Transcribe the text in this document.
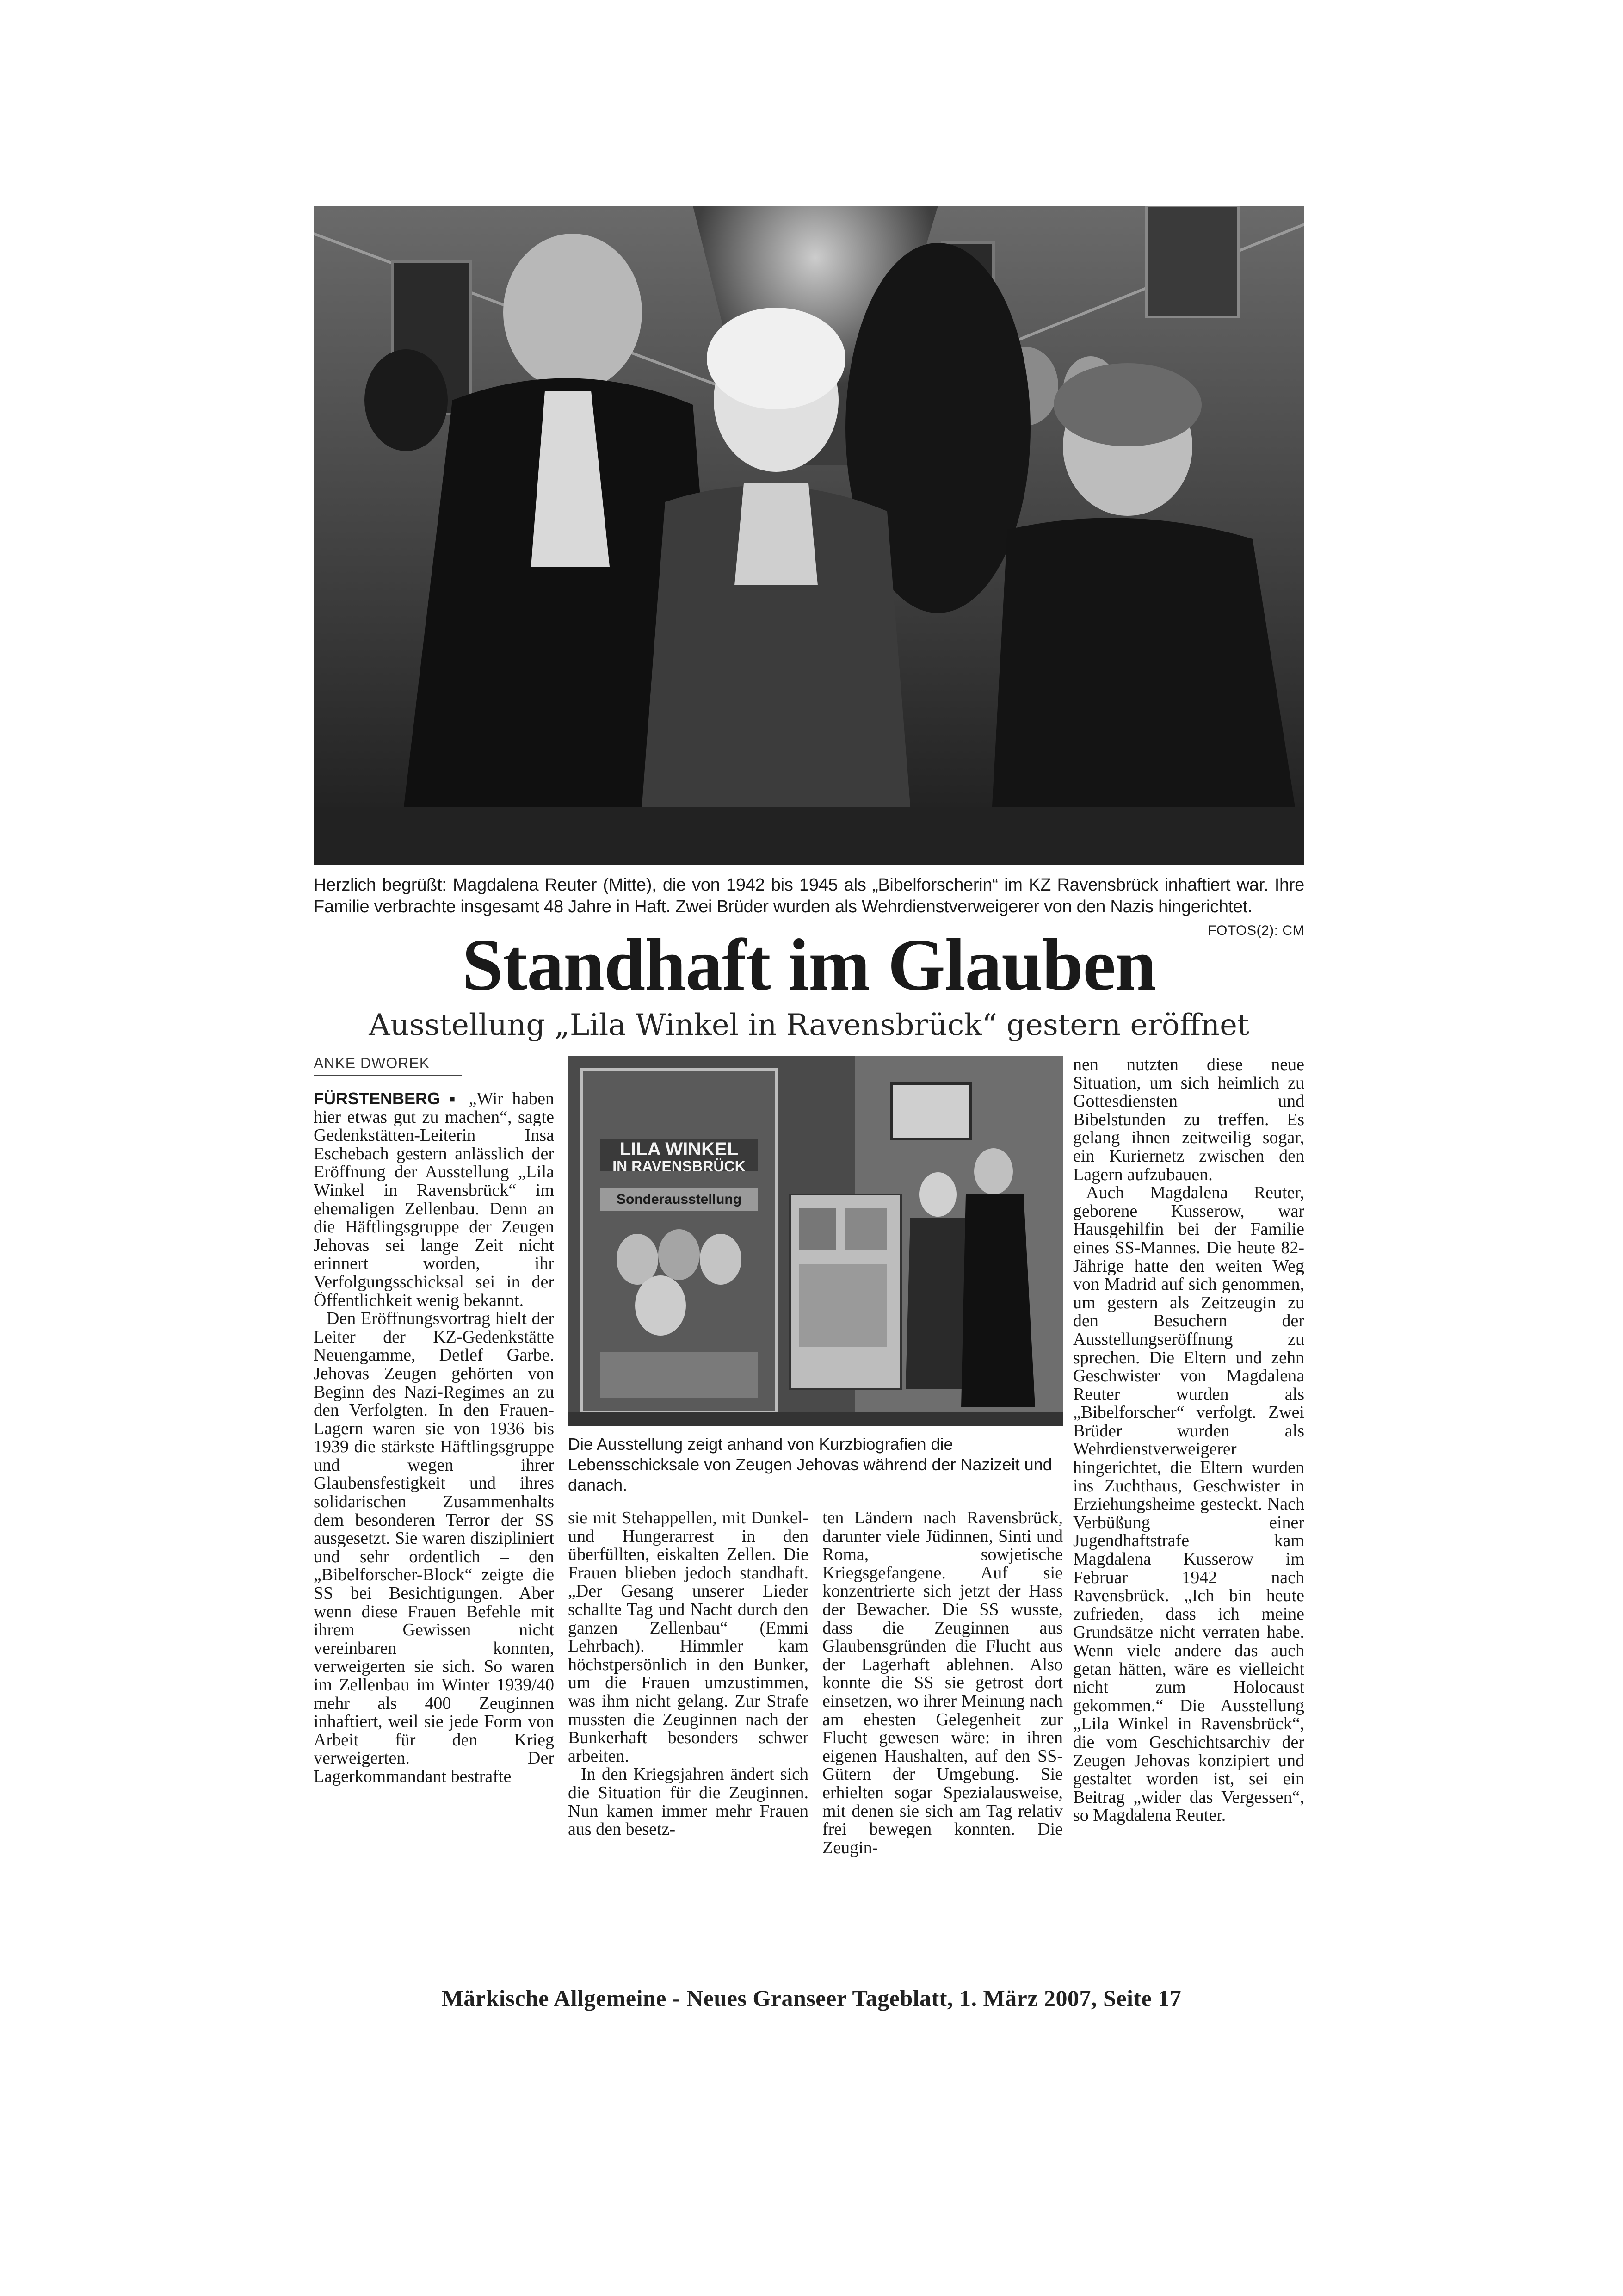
Herzlich begrüßt: Magdalena Reuter (Mitte), die von 1942 bis 1945 als „Bibelforscherin“ im KZ Ravensbrück inhaftiert war. Ihre Familie verbrachte insgesamt 48 Jahre in Haft. Zwei Brüder wurden als Wehrdienstverweigerer von den Nazis hingerichtet.
FOTOS(2): CM
Standhaft im Glauben
Ausstellung „Lila Winkel in Ravensbrück“ gestern eröffnet
ANKE DWOREK

FÜRSTENBERG ▪ „Wir haben hier etwas gut zu machen“, sagte Gedenkstätten-Leiterin Insa Eschebach gestern anlässlich der Eröffnung der Ausstellung „Lila Winkel in Ravensbrück“ im ehemaligen Zellenbau. Denn an die Häftlingsgruppe der Zeugen Jehovas sei lange Zeit nicht erinnert worden, ihr Verfolgungsschicksal sei in der Öffentlichkeit wenig bekannt.

Den Eröffnungsvortrag hielt der Leiter der KZ-Gedenkstätte Neuengamme, Detlef Garbe. Jehovas Zeugen gehörten von Beginn des Nazi-Regimes an zu den Verfolgten. In den Frauen-Lagern waren sie von 1936 bis 1939 die stärkste Häftlingsgruppe und wegen ihrer Glaubensfestigkeit und ihres solidarischen Zusammenhalts dem besonderen Terror der SS ausgesetzt. Sie waren diszipliniert und sehr ordentlich – den „Bibelforscher-Block“ zeigte die SS bei Besichtigungen. Aber wenn diese Frauen Befehle mit ihrem Gewissen nicht vereinbaren konnten, verweigerten sie sich. So waren im Zellenbau im Winter 1939/40 mehr als 400 Zeuginnen inhaftiert, weil sie jede Form von Arbeit für den Krieg verweigerten. Der Lagerkommandant bestrafte

LILA WINKEL
IN RAVENSBRÜCK
Sonderausstellung
Die Ausstellung zeigt anhand von Kurzbiografien die Lebensschicksale von Zeugen Jehovas während der Nazizeit und danach.

sie mit Stehappellen, mit Dunkel- und Hungerarrest in den überfüllten, eiskalten Zellen. Die Frauen blieben jedoch standhaft. „Der Gesang unserer Lieder schallte Tag und Nacht durch den ganzen Zellenbau“ (Emmi Lehrbach). Himmler kam höchstpersönlich in den Bunker, um die Frauen umzustimmen, was ihm nicht gelang. Zur Strafe mussten die Zeuginnen nach der Bunkerhaft besonders schwer arbeiten.

In den Kriegsjahren ändert sich die Situation für die Zeuginnen. Nun kamen immer mehr Frauen aus den besetz-

ten Ländern nach Ravensbrück, darunter viele Jüdinnen, Sinti und Roma, sowjetische Kriegsgefangene. Auf sie konzentrierte sich jetzt der Hass der Bewacher. Die SS wusste, dass die Zeuginnen aus Glaubensgründen die Flucht aus der Lagerhaft ablehnen. Also konnte die SS sie getrost dort einsetzen, wo ihrer Meinung nach am ehesten Gelegenheit zur Flucht gewesen wäre: in ihren eigenen Haushalten, auf den SS-Gütern der Umgebung. Sie erhielten sogar Spezialausweise, mit denen sie sich am Tag relativ frei bewegen konnten. Die Zeugin-

nen nutzten diese neue Situation, um sich heimlich zu Gottesdiensten und Bibelstunden zu treffen. Es gelang ihnen zeitweilig sogar, ein Kuriernetz zwischen den Lagern aufzubauen.

Auch Magdalena Reuter, geborene Kusserow, war Hausgehilfin bei der Familie eines SS-Mannes. Die heute 82-Jährige hatte den weiten Weg von Madrid auf sich genommen, um gestern als Zeitzeugin zu den Besuchern der Ausstellungseröffnung zu sprechen. Die Eltern und zehn Geschwister von Magdalena Reuter wurden als „Bibelforscher“ verfolgt. Zwei Brüder wurden als Wehrdienstverweigerer hingerichtet, die Eltern wurden ins Zuchthaus, Geschwister in Erziehungsheime gesteckt. Nach Verbüßung einer Jugendhaftstrafe kam Magdalena Kusserow im Februar 1942 nach Ravensbrück. „Ich bin heute zufrieden, dass ich meine Grundsätze nicht verraten habe. Wenn viele andere das auch getan hätten, wäre es vielleicht nicht zum Holocaust gekommen.“ Die Ausstellung „Lila Winkel in Ravensbrück“, die vom Geschichtsarchiv der Zeugen Jehovas konzipiert und gestaltet worden ist, sei ein Beitrag „wider das Vergessen“, so Magdalena Reuter.

Märkische Allgemeine - Neues Granseer Tageblatt, 1. März 2007, Seite 17
